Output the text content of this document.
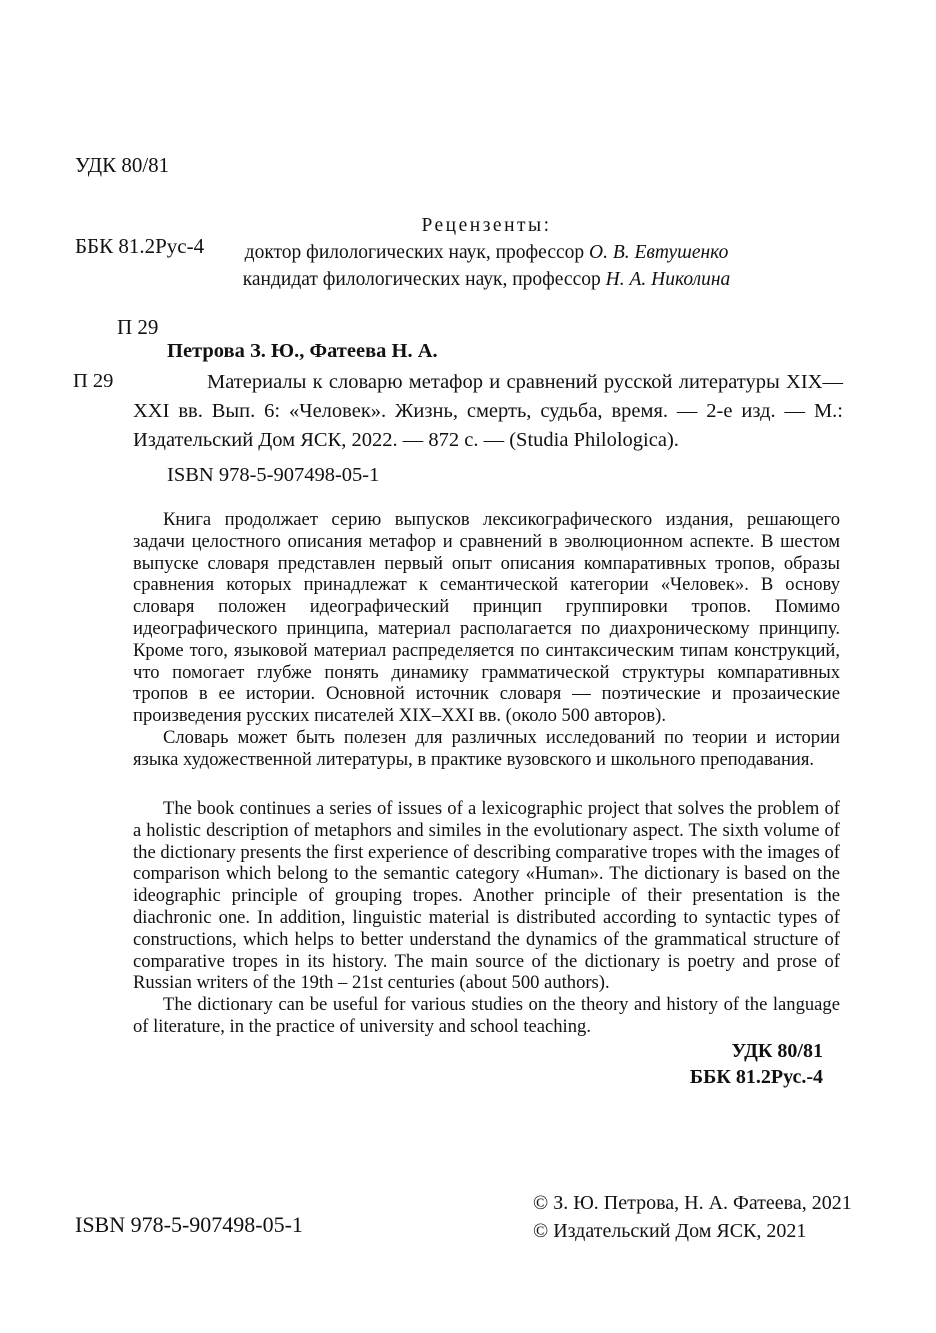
УДК 80/81

ББК 81.2Рус-4

П 29

Рецензенты:
доктор филологических наук, профессор О. В. Евтушенко
кандидат филологических наук, профессор Н. А. Николина
Петрова З. Ю., Фатеева Н. А.
П 29	Материалы к словарю метафор и сравнений русской литературы XIX—XXI вв. Вып. 6: «Человек». Жизнь, смерть, судьба, время. — 2-е изд. — М.: Издательский Дом ЯСК, 2022. — 872 с. — (Studia Philologica).
ISBN 978-5-907498-05-1

Книга продолжает серию выпусков лексикографического издания, решающего задачи целостного описания метафор и сравнений в эволюционном аспекте. В шестом выпуске словаря представлен первый опыт описания компаративных тропов, образы сравнения которых принадлежат к семантической категории «Человек». В основу словаря положен идеографический принцип группировки тропов. Помимо идеографического принципа, материал располагается по диахроническому принципу. Кроме того, языковой материал распределяется по синтаксическим типам конструкций, что помогает глубже понять динамику грамматической структуры компаративных тропов в ее истории. Основной источник словаря — поэтические и прозаические произведения русских писателей XIX–XXI вв. (около 500 авторов).

Словарь может быть полезен для различных исследований по теории и истории языка художественной литературы, в практике вузовского и школьного преподавания.

The book continues a series of issues of a lexicographic project that solves the problem of a holistic description of metaphors and similes in the evolutionary aspect. The sixth volume of the dictionary presents the first experience of describing comparative tropes with the images of comparison which belong to the semantic category «Human». The dictionary is based on the ideographic principle of grouping tropes. Another principle of their presentation is the diachronic one. In addition, linguistic material is distributed according to syntactic types of constructions, which helps to better understand the dynamics of the grammatical structure of comparative tropes in its history. The main source of the dictionary is poetry and prose of Russian writers of the 19th – 21st centuries (about 500 authors).

The dictionary can be useful for various studies on the theory and history of the language of literature, in the practice of university and school teaching.

УДК 80/81
ББК 81.2Рус.-4
ISBN 978-5-907498-05-1
© З. Ю. Петрова, Н. А. Фатеева, 2021
© Издательский Дом ЯСК, 2021
